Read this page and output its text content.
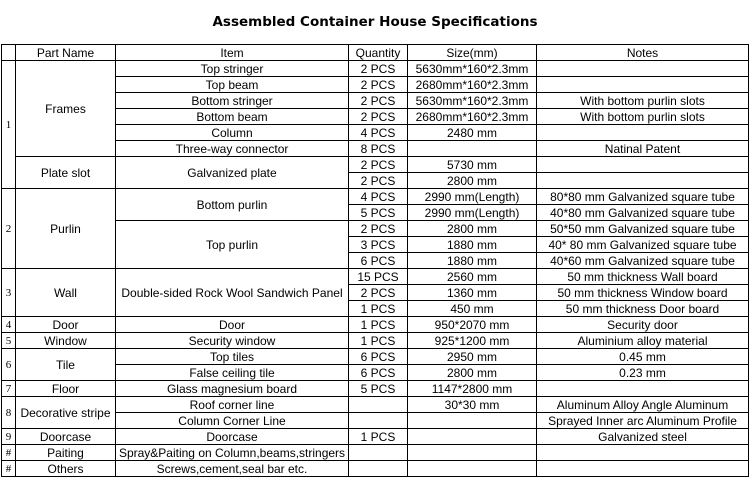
Assembled Container House Specifications
	Part Name	Item	Quantity	Size(mm)	Notes
1	Frames	Top stringer	2 PCS	5630mm*160*2.3mm	
		Top beam	2 PCS	2680mm*160*2.3mm	
		Bottom stringer	2 PCS	5630mm*160*2.3mm	With bottom purlin slots
		Bottom beam	2 PCS	2680mm*160*2.3mm	With bottom purlin slots
		Column	4 PCS	2480 mm	
		Three-way connector	8 PCS		Natinal Patent
	Plate slot	Galvanized plate	2 PCS	5730 mm	
			2 PCS	2800 mm	
2	Purlin	Bottom purlin	4 PCS	2990 mm(Length)	80*80 mm Galvanized square tube
			5 PCS	2990 mm(Length)	40*80 mm Galvanized square tube
		Top purlin	2 PCS	2800 mm	50*50 mm Galvanized square tube
			3 PCS	1880 mm	40* 80 mm Galvanized square tube
			6 PCS	1880 mm	40*60 mm Galvanized square tube
3	Wall	Double-sided Rock Wool Sandwich Panel	15 PCS	2560 mm	50 mm thickness Wall board
			2 PCS	1360 mm	50 mm thickness Window board
			1 PCS	450 mm	50 mm thickness Door board
4	Door	Door	1 PCS	950*2070 mm	Security door
5	Window	Security window	1 PCS	925*1200 mm	Aluminium alloy material
6	Tile	Top tiles	6 PCS	2950 mm	0.45 mm
		False ceiling tile	6 PCS	2800 mm	0.23 mm
7	Floor	Glass magnesium board	5 PCS	1147*2800 mm	
8	Decorative stripe	Roof corner line		30*30 mm	Aluminum Alloy Angle Aluminum
		Column Corner Line			Sprayed Inner arc Aluminum Profile
9	Doorcase	Doorcase	1 PCS		Galvanized steel
#	Paiting	Spray&Paiting on Column,beams,stringers			
#	Others	Screws,cement,seal bar etc.			
